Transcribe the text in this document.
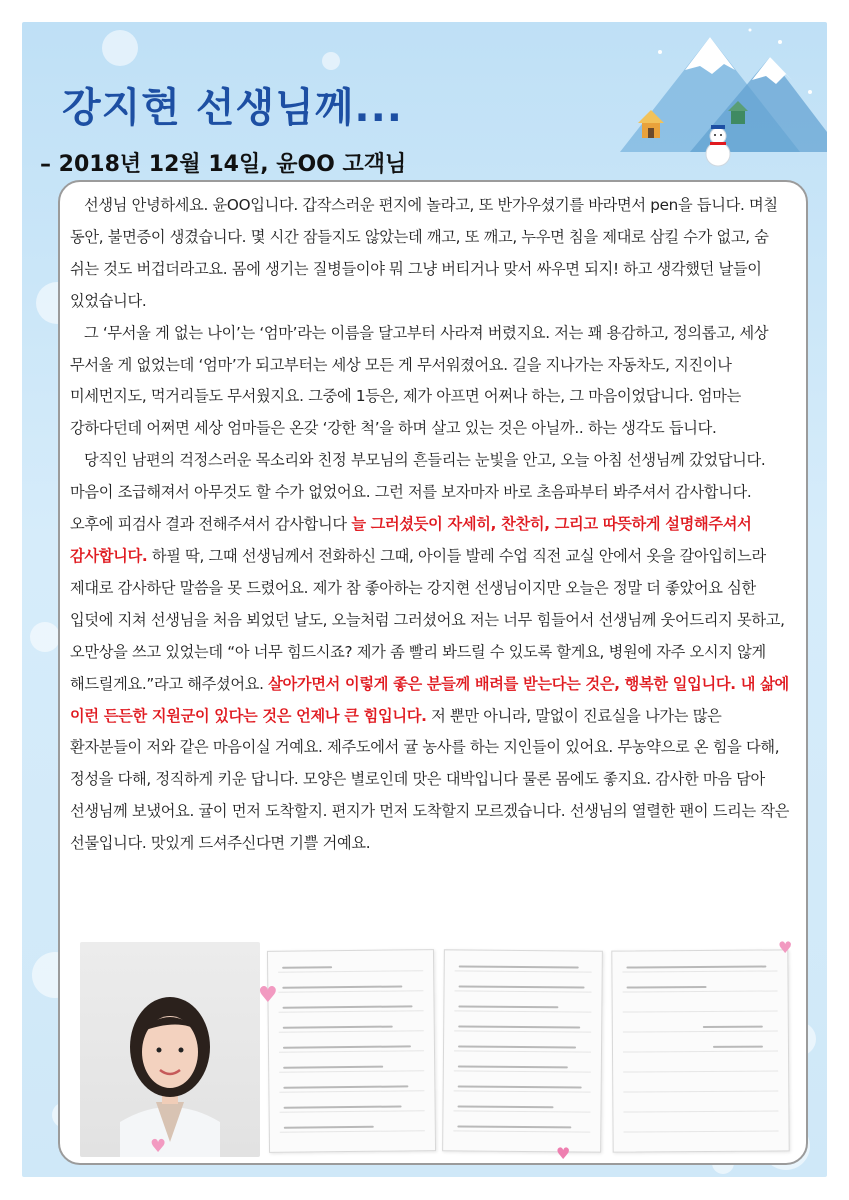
강지현 선생님께...
– 2018년 12월 14일, 윤OO 고객님

선생님 안녕하세요. 윤OO입니다. 갑작스러운 편지에 놀라고, 또 반가우셨기를 바라면서 pen을 듭니다. 며칠 동안, 불면증이 생겼습니다. 몇 시간 잠들지도 않았는데 깨고, 또 깨고, 누우면 침을 제대로 삼킬 수가 없고, 숨 쉬는 것도 버겁더라고요. 몸에 생기는 질병들이야 뭐 그냥 버티거나 맞서 싸우면 되지! 하고 생각했던 날들이 있었습니다.

그 ‘무서울 게 없는 나이’는 ‘엄마’라는 이름을 달고부터 사라져 버렸지요. 저는 꽤 용감하고, 정의롭고, 세상 무서울 게 없었는데 ‘엄마’가 되고부터는 세상 모든 게 무서워졌어요. 길을 지나가는 자동차도, 지진이나 미세먼지도, 먹거리들도 무서웠지요. 그중에 1등은, 제가 아프면 어쩌나 하는, 그 마음이었답니다. 엄마는 강하다던데 어쩌면 세상 엄마들은 온갖 ‘강한 척’을 하며 살고 있는 것은 아닐까.. 하는 생각도 듭니다.

당직인 남편의 걱정스러운 목소리와 친정 부모님의 흔들리는 눈빛을 안고, 오늘 아침 선생님께 갔었답니다. 마음이 조급해져서 아무것도 할 수가 없었어요. 그런 저를 보자마자 바로 초음파부터 봐주셔서 감사합니다. 오후에 피검사 결과 전해주셔서 감사합니다 늘 그러셨듯이 자세히, 찬찬히, 그리고 따뜻하게 설명해주셔서 감사합니다. 하필 딱, 그때 선생님께서 전화하신 그때, 아이들 발레 수업 직전 교실 안에서 옷을 갈아입히느라 제대로 감사하단 말씀을 못 드렸어요. 제가 참 좋아하는 강지현 선생님이지만 오늘은 정말 더 좋았어요 심한 입덧에 지쳐 선생님을 처음 뵈었던 날도, 오늘처럼 그러셨어요 저는 너무 힘들어서 선생님께 웃어드리지 못하고, 오만상을 쓰고 있었는데 “아 너무 힘드시죠? 제가 좀 빨리 봐드릴 수 있도록 할게요, 병원에 자주 오시지 않게 해드릴게요.”라고 해주셨어요. 살아가면서 이렇게 좋은 분들께 배려를 받는다는 것은, 행복한 일입니다. 내 삶에 이런 든든한 지원군이 있다는 것은 언제나 큰 힘입니다. 저 뿐만 아니라, 말없이 진료실을 나가는 많은 환자분들이 저와 같은 마음이실 거예요. 제주도에서 귤 농사를 하는 지인들이 있어요. 무농약으로 온 힘을 다해, 정성을 다해, 정직하게 키운 답니다. 모양은 별로인데 맛은 대박입니다 물론 몸에도 좋지요. 감사한 마음 담아 선생님께 보냈어요. 귤이 먼저 도착할지. 편지가 먼저 도착할지 모르겠습니다. 선생님의 열렬한 팬이 드리는 작은 선물입니다. 맛있게 드셔주신다면 기쁠 거예요.

♥
♥
♥
♥
